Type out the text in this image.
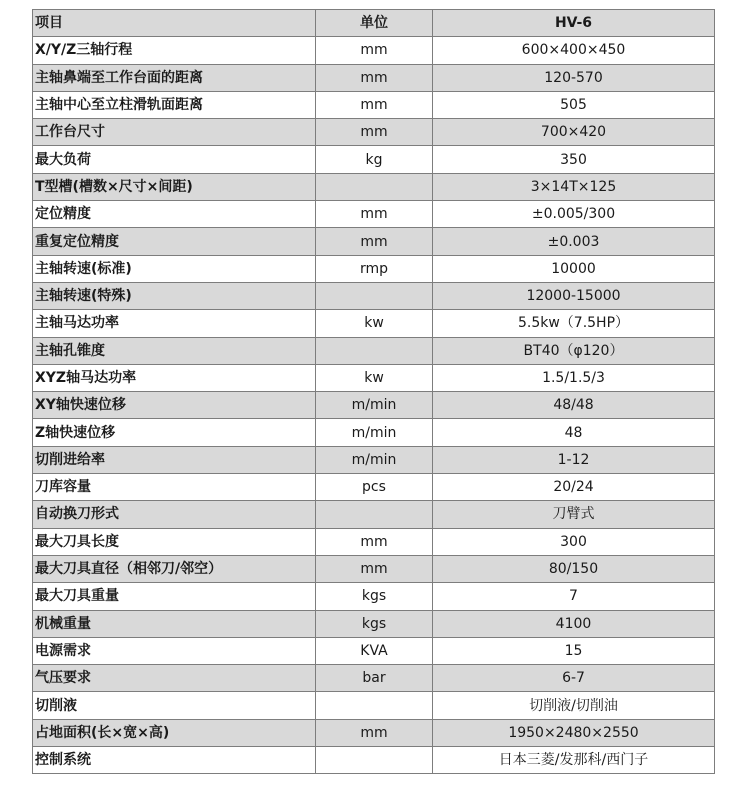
项目	单位	HV-6
X/Y/Z三轴行程	mm	600×400×450
主轴鼻端至工作台面的距离	mm	120-570
主轴中心至立柱滑轨面距离	mm	505
工作台尺寸	mm	700×420
最大负荷	kg	350
T型槽(槽数×尺寸×间距)		3×14T×125
定位精度	mm	±0.005/300
重复定位精度	mm	±0.003
主轴转速(标准)	rmp	10000
主轴转速(特殊)		12000-15000
主轴马达功率	kw	5.5kw（7.5HP）
主轴孔锥度		BT40（φ120）
XYZ轴马达功率	kw	1.5/1.5/3
XY轴快速位移	m/min	48/48
Z轴快速位移	m/min	48
切削进给率	m/min	1-12
刀库容量	pcs	20/24
自动换刀形式		刀臂式
最大刀具长度	mm	300
最大刀具直径（相邻刀/邻空）	mm	80/150
最大刀具重量	kgs	7
机械重量	kgs	4100
电源需求	KVA	15
气压要求	bar	6-7
切削液		切削液/切削油
占地面积(长×宽×高)	mm	1950×2480×2550
控制系统		日本三菱/发那科/西门子
